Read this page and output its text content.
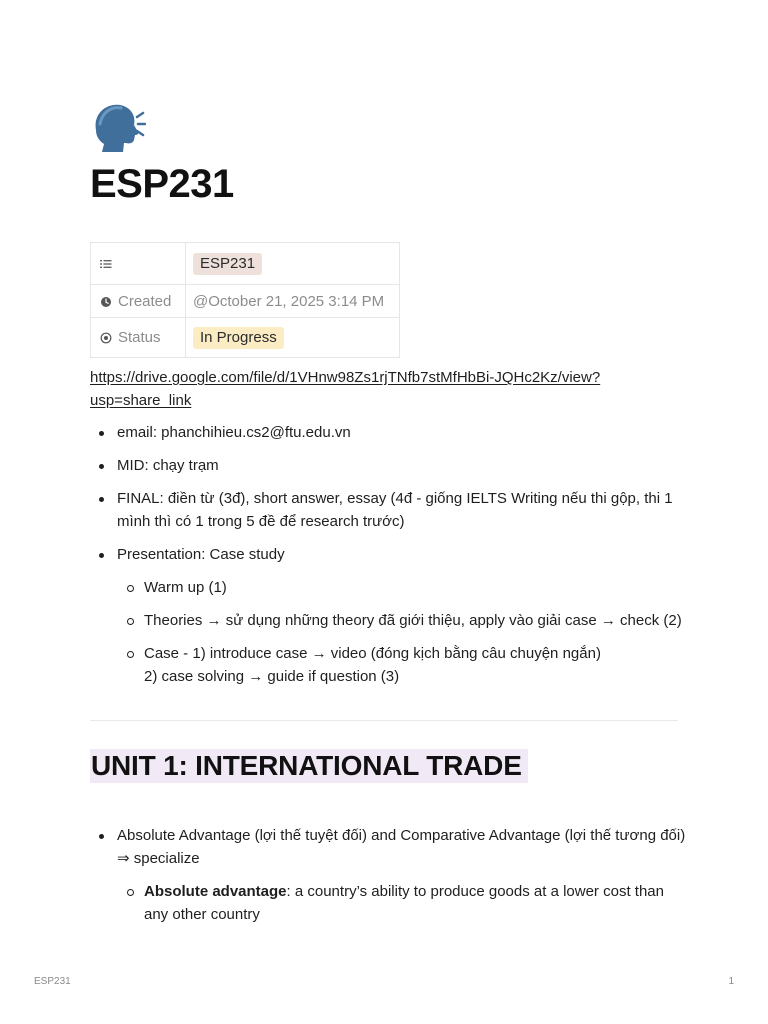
ESP231
	ESP231
Created	@October 21, 2025 3:14 PM
Status	In Progress
https://drive.google.com/file/d/1VHnw98Zs1rjTNfb7stMfHbBi-JQHc2Kz/view?
usp=share_link
email: phanchihieu.cs2@ftu.edu.vn
MID: chạy trạm
FINAL: điền từ (3đ), short answer, essay (4đ - giống IELTS Writing nếu thi gộp, thi 1 mình thì có 1 trong 5 đề để research trước)
Presentation: Case study
Warm up (1)
Theories → sử dụng những theory đã giới thiệu, apply vào giải case → check (2)
Case - 1) introduce case → video (đóng kịch bằng câu chuyện ngắn)
2) case solving → guide if question (3)
UNIT 1: INTERNATIONAL TRADE
Absolute Advantage (lợi thế tuyệt đối) and Comparative Advantage (lợi thế tương đối) ⇒ specialize
Absolute advantage: a country’s ability to produce goods at a lower cost than any other country
ESP231	1
